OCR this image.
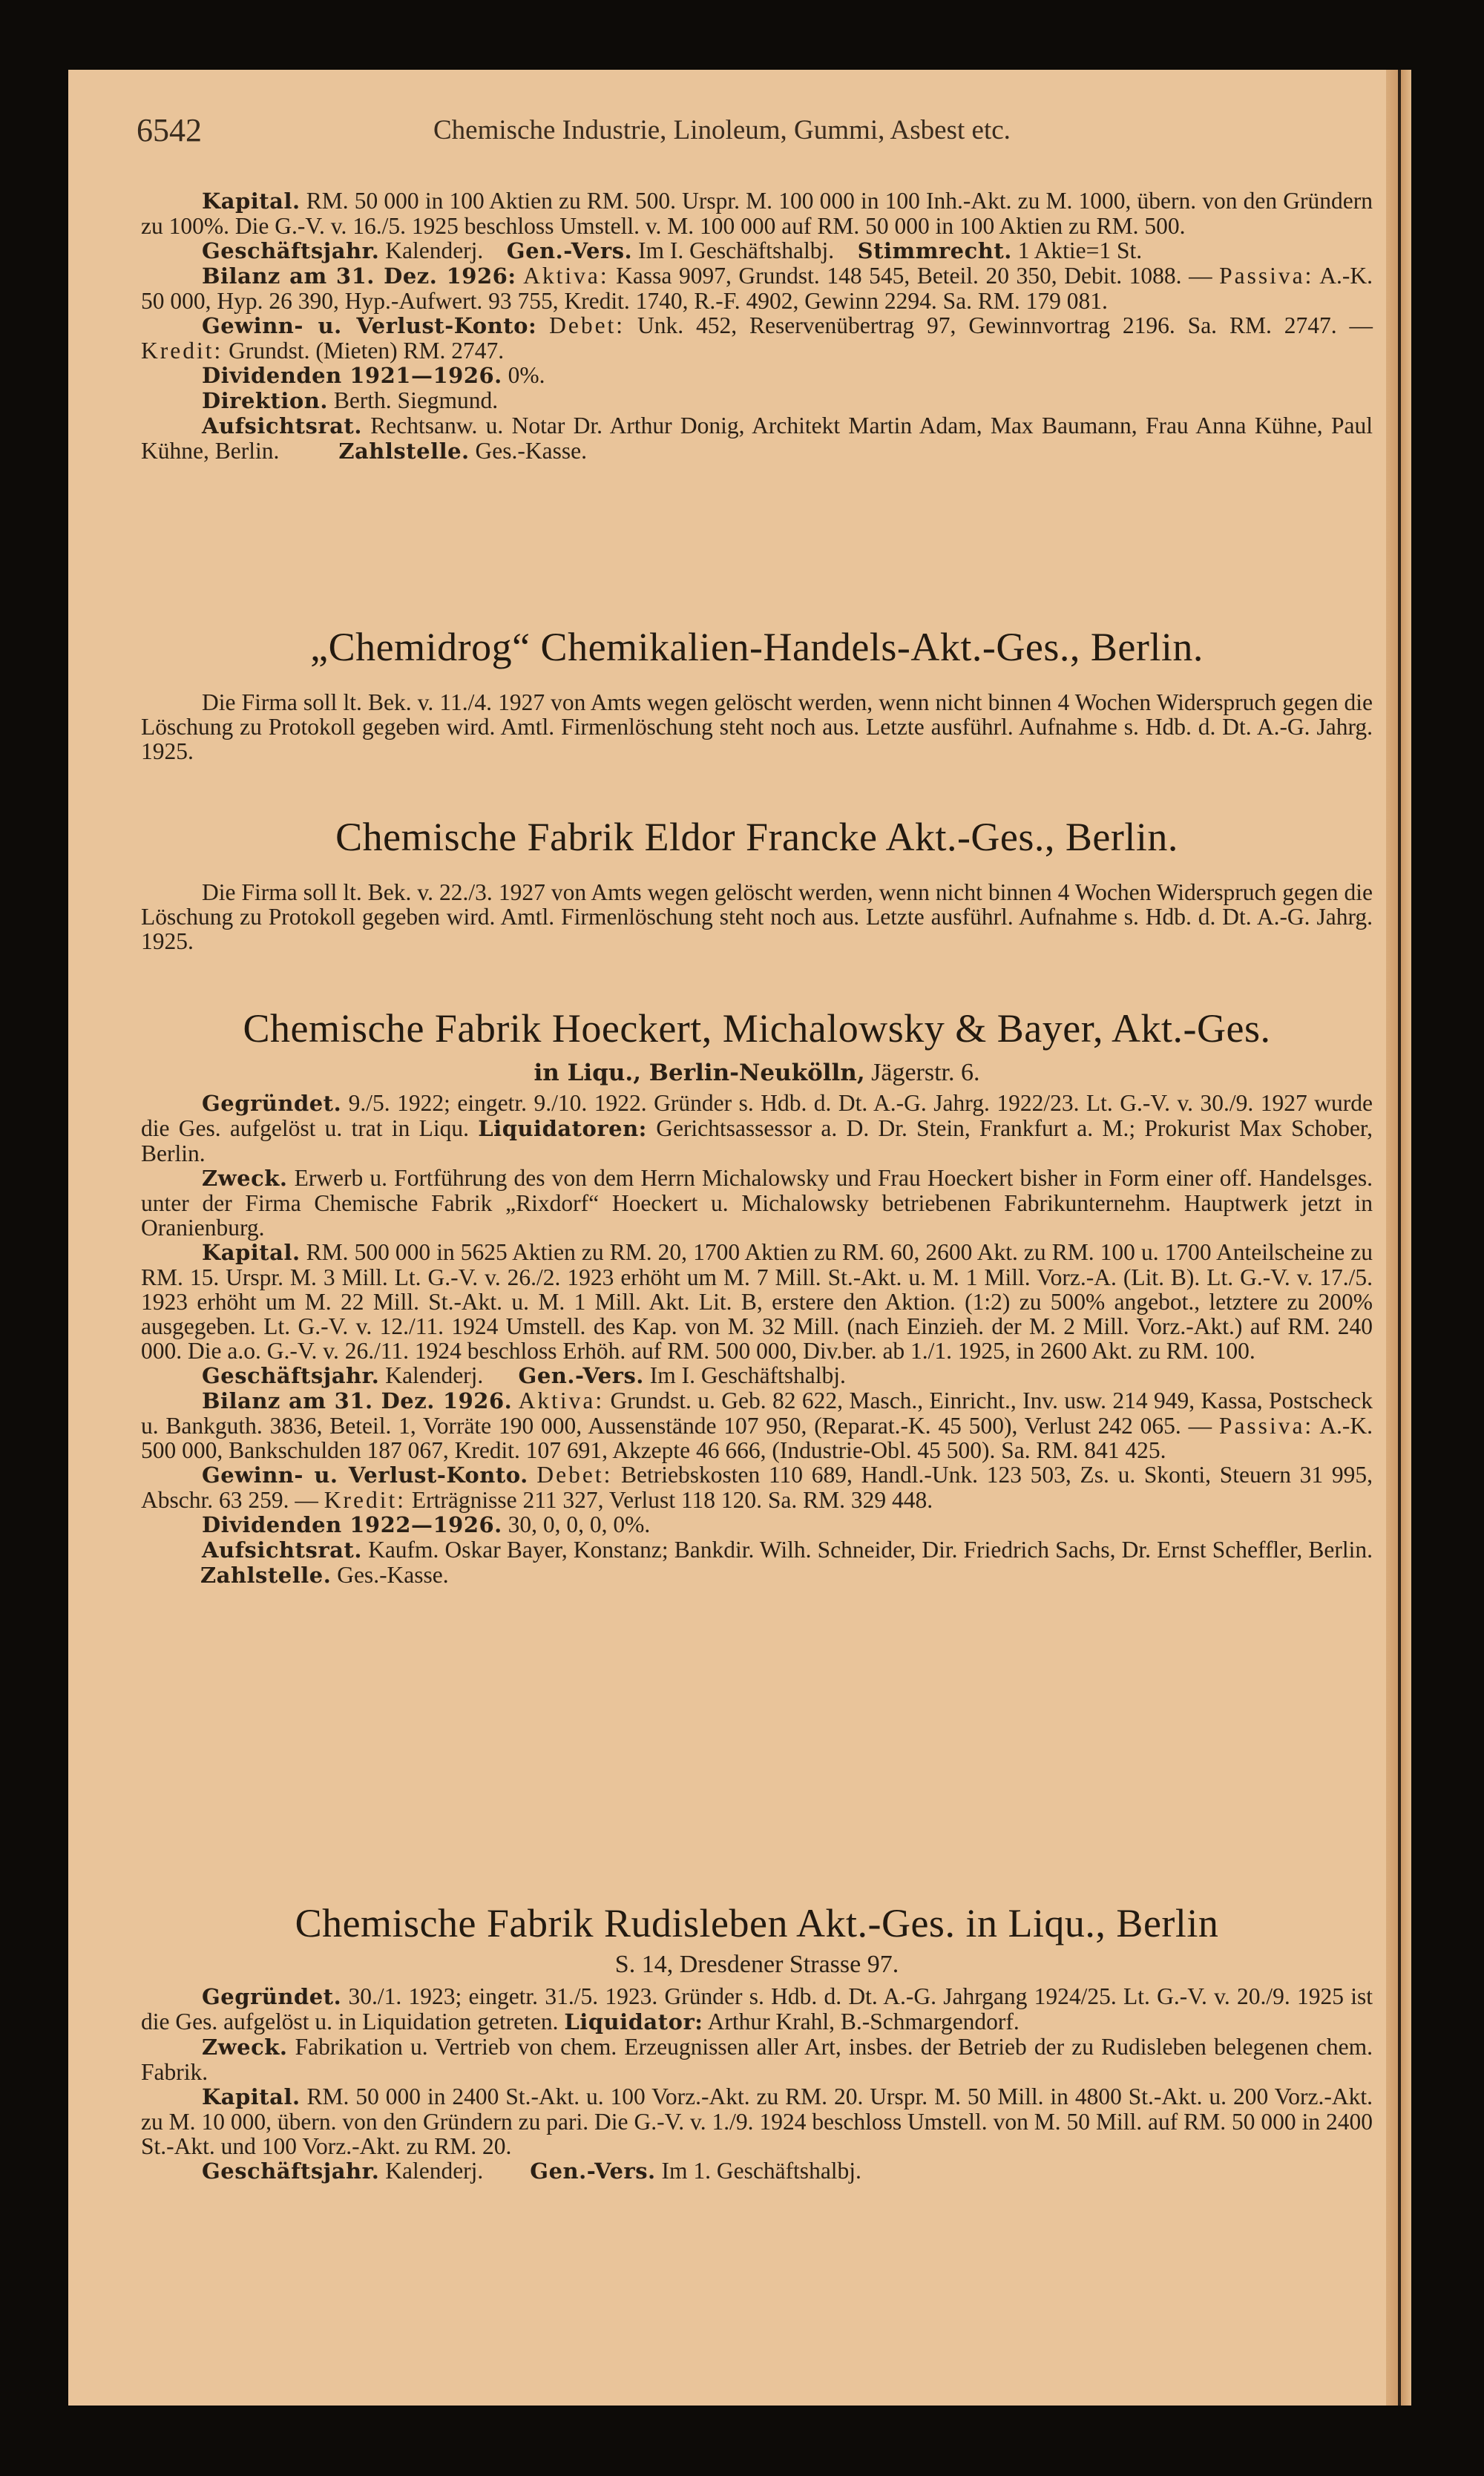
6542	Chemische Industrie, Linoleum, Gummi, Asbest etc.

Kapital. RM. 50 000 in 100 Aktien zu RM. 500. Urspr. M. 100 000 in 100 Inh.-Akt. zu M. 1000, übern. von den Gründern zu 100%. Die G.-V. v. 16./5. 1925 beschloss Umstell. v. M. 100 000 auf RM. 50 000 in 100 Aktien zu RM. 500.

Geschäftsjahr. Kalenderj. Gen.-Vers. Im I. Geschäftshalbj. Stimmrecht. 1 Aktie=1 St.

Bilanz am 31. Dez. 1926: Aktiva: Kassa 9097, Grundst. 148 545, Beteil. 20 350, Debit. 1088. — Passiva: A.-K. 50 000, Hyp. 26 390, Hyp.-Aufwert. 93 755, Kredit. 1740, R.-F. 4902, Gewinn 2294. Sa. RM. 179 081.

Gewinn- u. Verlust-Konto: Debet: Unk. 452, Reservenübertrag 97, Gewinnvortrag 2196. Sa. RM. 2747. — Kredit: Grundst. (Mieten) RM. 2747.

Dividenden 1921—1926. 0%.

Direktion. Berth. Siegmund.

Aufsichtsrat. Rechtsanw. u. Notar Dr. Arthur Donig, Architekt Martin Adam, Max Baumann, Frau Anna Kühne, Paul Kühne, Berlin.	Zahlstelle. Ges.-Kasse.

„Chemidrog“ Chemikalien-Handels-Akt.-Ges., Berlin.

Die Firma soll lt. Bek. v. 11./4. 1927 von Amts wegen gelöscht werden, wenn nicht binnen 4 Wochen Widerspruch gegen die Löschung zu Protokoll gegeben wird. Amtl. Firmenlöschung steht noch aus. Letzte ausführl. Aufnahme s. Hdb. d. Dt. A.-G. Jahrg. 1925.

Chemische Fabrik Eldor Francke Akt.-Ges., Berlin.

Die Firma soll lt. Bek. v. 22./3. 1927 von Amts wegen gelöscht werden, wenn nicht binnen 4 Wochen Widerspruch gegen die Löschung zu Protokoll gegeben wird. Amtl. Firmenlöschung steht noch aus. Letzte ausführl. Aufnahme s. Hdb. d. Dt. A.-G. Jahrg. 1925.

Chemische Fabrik Hoeckert, Michalowsky & Bayer, Akt.-Ges.
in Liqu., Berlin-Neukölln, Jägerstr. 6.

Gegründet. 9./5. 1922; eingetr. 9./10. 1922. Gründer s. Hdb. d. Dt. A.-G. Jahrg. 1922/23. Lt. G.-V. v. 30./9. 1927 wurde die Ges. aufgelöst u. trat in Liqu. Liquidatoren: Gerichtsassessor a. D. Dr. Stein, Frankfurt a. M.; Prokurist Max Schober, Berlin.

Zweck. Erwerb u. Fortführung des von dem Herrn Michalowsky und Frau Hoeckert bisher in Form einer off. Handelsges. unter der Firma Chemische Fabrik „Rixdorf“ Hoeckert u. Michalowsky betriebenen Fabrikunternehm. Hauptwerk jetzt in Oranienburg.

Kapital. RM. 500 000 in 5625 Aktien zu RM. 20, 1700 Aktien zu RM. 60, 2600 Akt. zu RM. 100 u. 1700 Anteilscheine zu RM. 15. Urspr. M. 3 Mill. Lt. G.-V. v. 26./2. 1923 erhöht um M. 7 Mill. St.-Akt. u. M. 1 Mill. Vorz.-A. (Lit. B). Lt. G.-V. v. 17./5. 1923 erhöht um M. 22 Mill. St.-Akt. u. M. 1 Mill. Akt. Lit. B, erstere den Aktion. (1:2) zu 500% angebot., letztere zu 200% ausgegeben. Lt. G.-V. v. 12./11. 1924 Umstell. des Kap. von M. 32 Mill. (nach Einzieh. der M. 2 Mill. Vorz.-Akt.) auf RM. 240 000. Die a.o. G.-V. v. 26./11. 1924 beschloss Erhöh. auf RM. 500 000, Div.ber. ab 1./1. 1925, in 2600 Akt. zu RM. 100.

Geschäftsjahr. Kalenderj. Gen.-Vers. Im I. Geschäftshalbj.

Bilanz am 31. Dez. 1926. Aktiva: Grundst. u. Geb. 82 622, Masch., Einricht., Inv. usw. 214 949, Kassa, Postscheck u. Bankguth. 3836, Beteil. 1, Vorräte 190 000, Aussenstände 107 950, (Reparat.-K. 45 500), Verlust 242 065. — Passiva: A.-K. 500 000, Bankschulden 187 067, Kredit. 107 691, Akzepte 46 666, (Industrie-Obl. 45 500). Sa. RM. 841 425.

Gewinn- u. Verlust-Konto. Debet: Betriebskosten 110 689, Handl.-Unk. 123 503, Zs. u. Skonti, Steuern 31 995, Abschr. 63 259. — Kredit: Erträgnisse 211 327, Verlust 118 120. Sa. RM. 329 448.

Dividenden 1922—1926. 30, 0, 0, 0, 0%.

Aufsichtsrat. Kaufm. Oskar Bayer, Konstanz; Bankdir. Wilh. Schneider, Dir. Friedrich Sachs, Dr. Ernst Scheffler, Berlin.Zahlstelle. Ges.-Kasse.

Chemische Fabrik Rudisleben Akt.-Ges. in Liqu., Berlin
S. 14, Dresdener Strasse 97.

Gegründet. 30./1. 1923; eingetr. 31./5. 1923. Gründer s. Hdb. d. Dt. A.-G. Jahrgang 1924/25. Lt. G.-V. v. 20./9. 1925 ist die Ges. aufgelöst u. in Liquidation getreten. Liquidator: Arthur Krahl, B.-Schmargendorf.

Zweck. Fabrikation u. Vertrieb von chem. Erzeugnissen aller Art, insbes. der Betrieb der zu Rudisleben belegenen chem. Fabrik.

Kapital. RM. 50 000 in 2400 St.-Akt. u. 100 Vorz.-Akt. zu RM. 20. Urspr. M. 50 Mill. in 4800 St.-Akt. u. 200 Vorz.-Akt. zu M. 10 000, übern. von den Gründern zu pari. Die G.-V. v. 1./9. 1924 beschloss Umstell. von M. 50 Mill. auf RM. 50 000 in 2400 St.-Akt. und 100 Vorz.-Akt. zu RM. 20.

Geschäftsjahr. Kalenderj. Gen.-Vers. Im 1. Geschäftshalbj.
